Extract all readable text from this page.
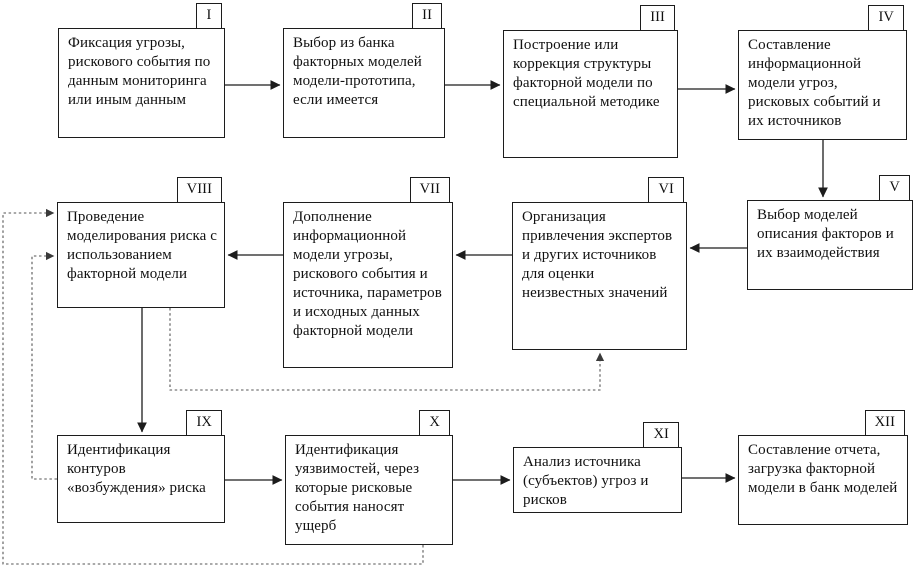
I
Фиксация угрозы, рискового события по данным мониторинга или иным данным
II
Выбор из банка факторных моделей модели-прототипа, если имеется
III
Построение или коррекция структуры факторной модели по специальной методике
IV
Составление информационной модели угроз, рисковых событий и их источников
V
Выбор моделей описания факторов и их взаимодействия
VI
Организация привлечения экспертов и других источников для оценки неизвестных значений
VII
Дополнение информационной модели угрозы, рискового события и источника, параметров и исходных данных факторной модели
VIII
Проведение моделирования риска с использованием факторной модели
IX
Идентификация контуров «возбуждения» риска
X
Идентификация уязвимостей, через которые рисковые события наносят ущерб
XI
Анализ источника (субъектов) угроз и рисков
XII
Составление отчета, загрузка факторной модели в банк моделей
